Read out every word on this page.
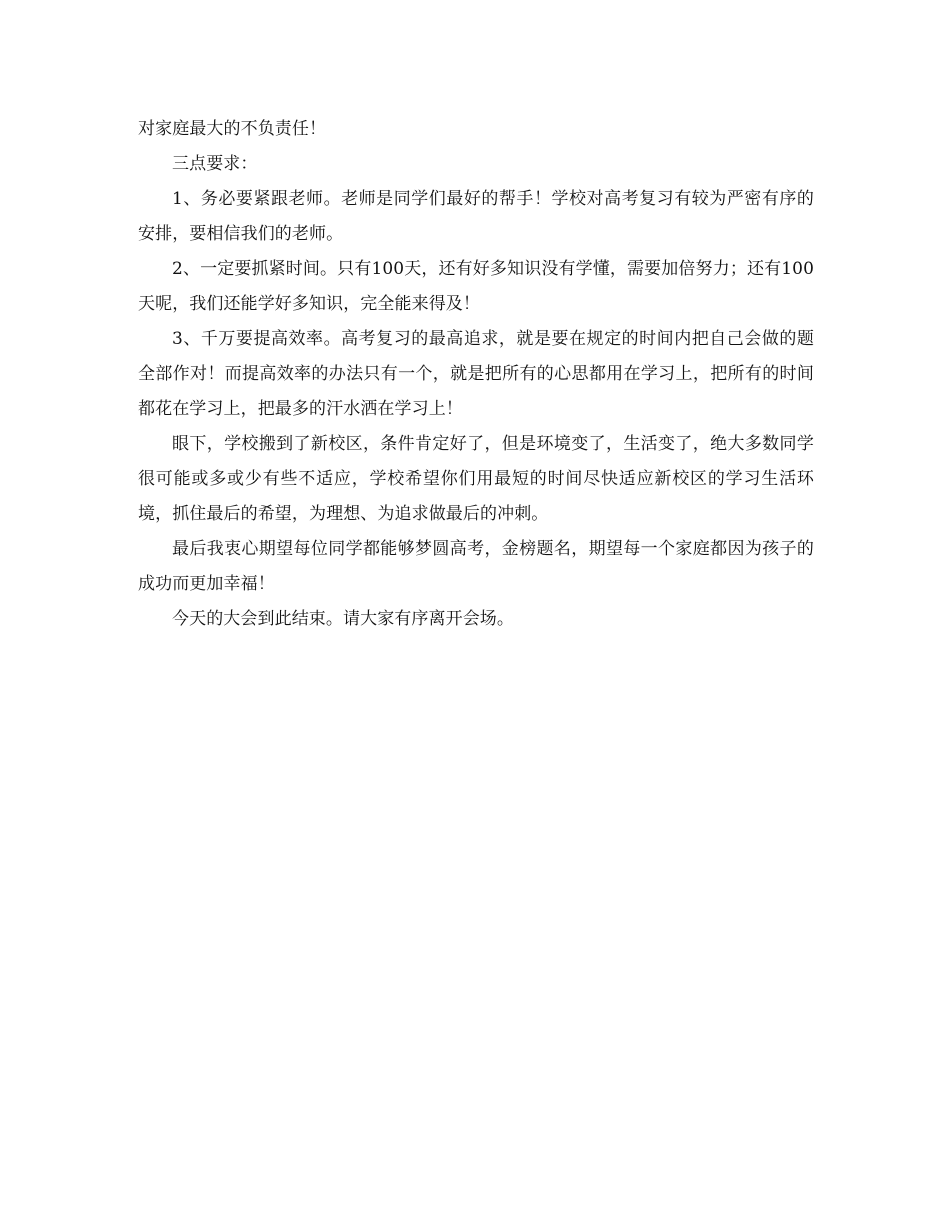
对家庭最大的不负责任！

三点要求：

1、务必要紧跟老师。老师是同学们最好的帮手！学校对高考复习有较为严密有序的安排，要相信我们的老师。

2、一定要抓紧时间。只有100天，还有好多知识没有学懂，需要加倍努力；还有100天呢，我们还能学好多知识，完全能来得及！

3、千万要提高效率。高考复习的最高追求，就是要在规定的时间内把自己会做的题全部作对！而提高效率的办法只有一个，就是把所有的心思都用在学习上，把所有的时间都花在学习上，把最多的汗水洒在学习上！

眼下，学校搬到了新校区，条件肯定好了，但是环境变了，生活变了，绝大多数同学很可能或多或少有些不适应，学校希望你们用最短的时间尽快适应新校区的学习生活环境，抓住最后的希望，为理想、为追求做最后的冲刺。

最后我衷心期望每位同学都能够梦圆高考，金榜题名，期望每一个家庭都因为孩子的成功而更加幸福！

今天的大会到此结束。请大家有序离开会场。
